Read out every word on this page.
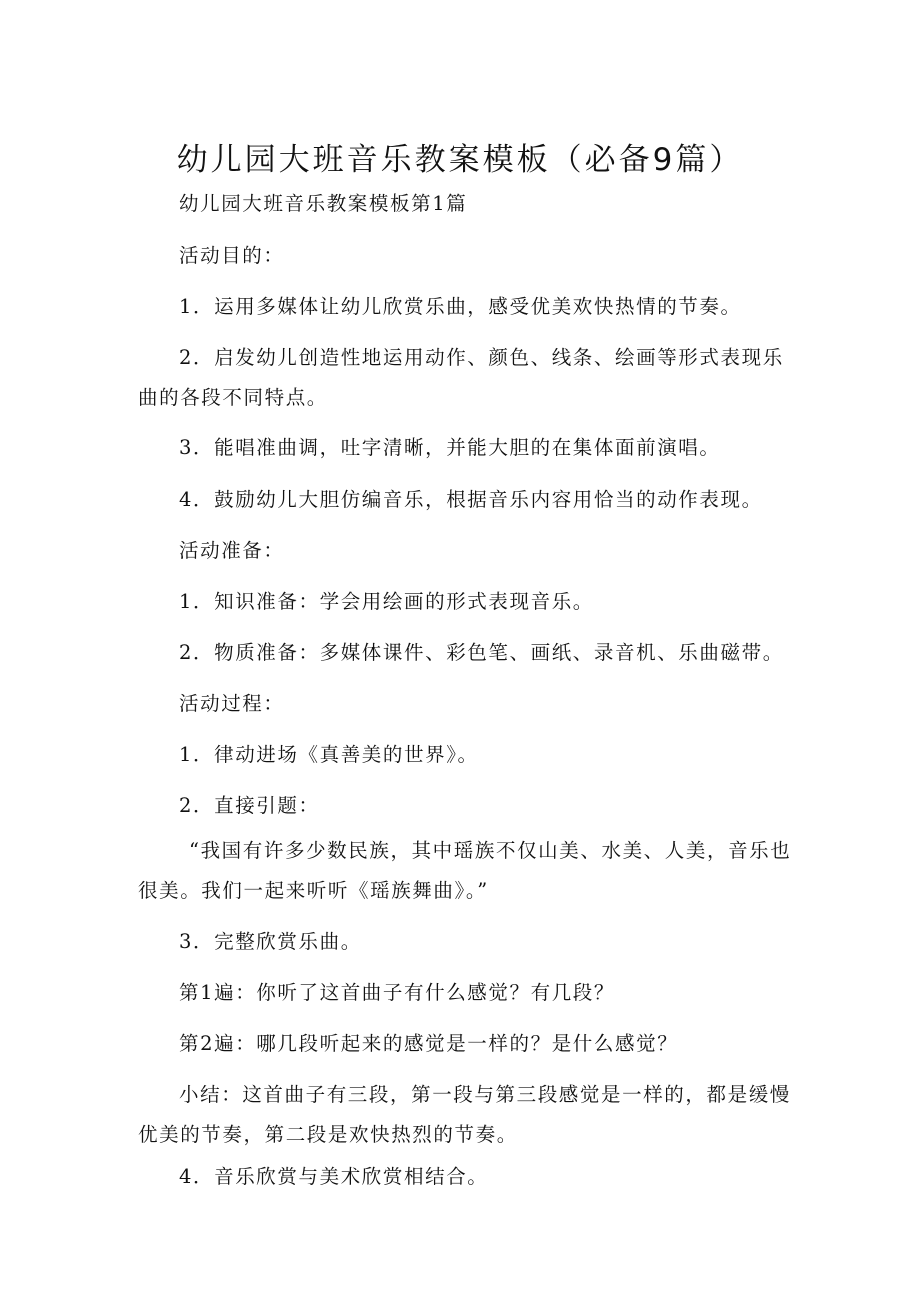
幼儿园大班音乐教案模板（必备9篇）
幼儿园大班音乐教案模板第1篇
活动目的：
1．运用多媒体让幼儿欣赏乐曲，感受优美欢快热情的节奏。
2．启发幼儿创造性地运用动作、颜色、线条、绘画等形式表现乐曲的各段不同特点。
3．能唱准曲调，吐字清晰，并能大胆的在集体面前演唱。
4．鼓励幼儿大胆仿编音乐，根据音乐内容用恰当的动作表现。
活动准备：
1．知识准备：学会用绘画的形式表现音乐。
2．物质准备：多媒体课件、彩色笔、画纸、录音机、乐曲磁带。
活动过程：
1．律动进场《真善美的世界》。
2．直接引题：
“我国有许多少数民族，其中瑶族不仅山美、水美、人美，音乐也很美。我们一起来听听《瑶族舞曲》。”
3．完整欣赏乐曲。
第1遍：你听了这首曲子有什么感觉？有几段？
第2遍：哪几段听起来的感觉是一样的？是什么感觉？
小结：这首曲子有三段，第一段与第三段感觉是一样的，都是缓慢优美的节奏，第二段是欢快热烈的节奏。
4．音乐欣赏与美术欣赏相结合。
